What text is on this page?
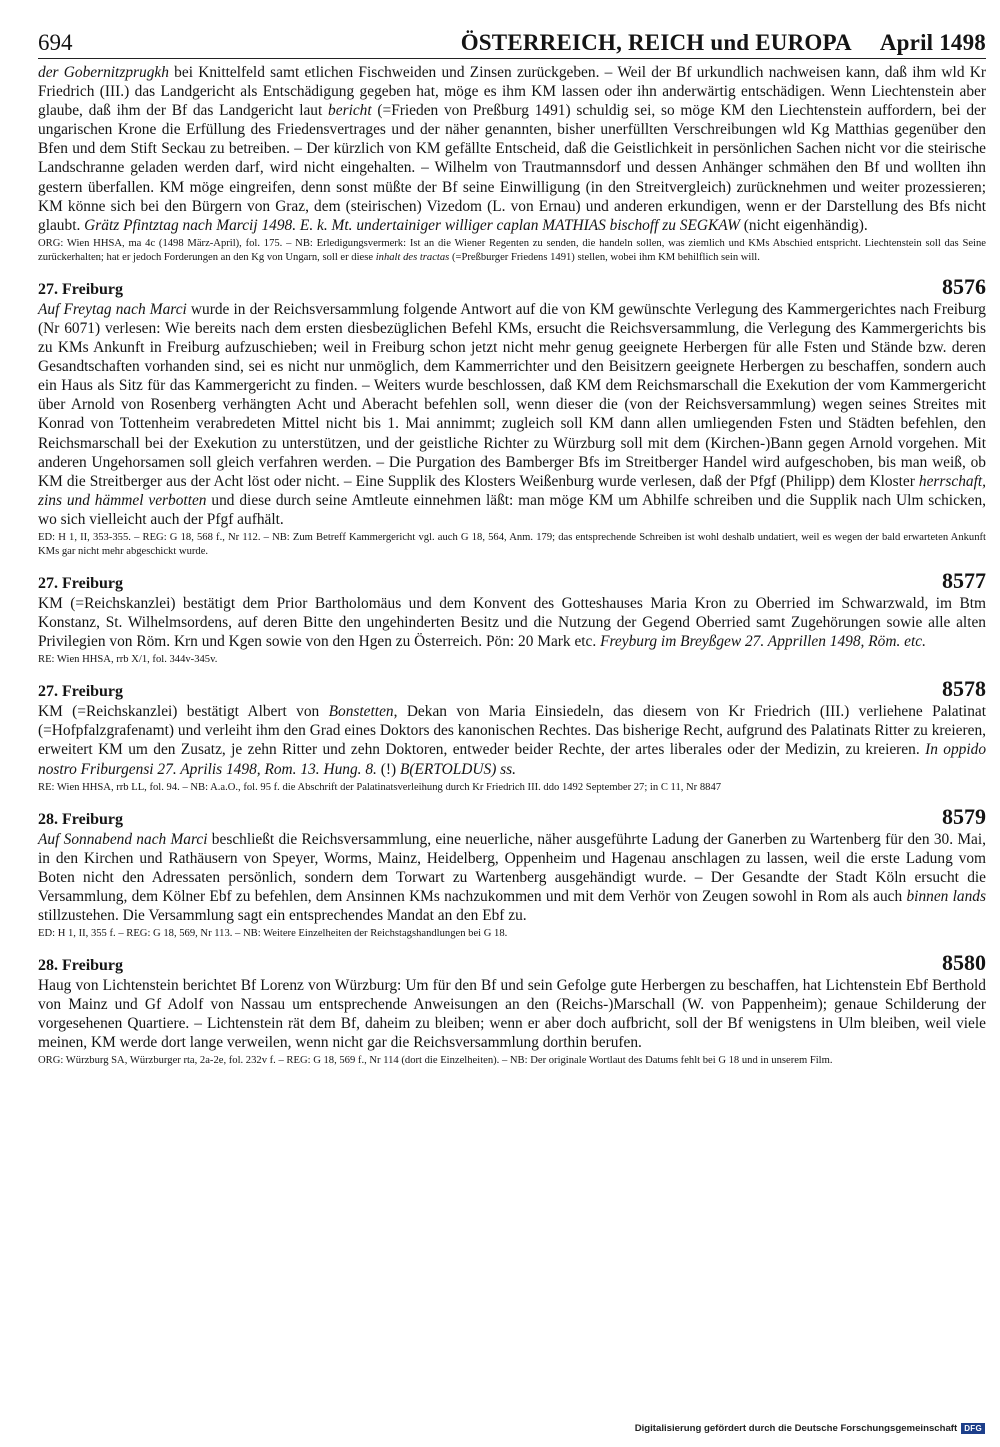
694	ÖSTERREICH, REICH und EUROPA April 1498

der Gobernitzprugkh bei Knittelfeld samt etlichen Fischweiden und Zinsen zurückgeben. – Weil der Bf urkundlich nachweisen kann, daß ihm wld Kr Friedrich (III.) das Landgericht als Entschädigung gegeben hat, möge es ihm KM lassen oder ihn anderwärtig entschädigen. Wenn Liechtenstein aber glaube, daß ihm der Bf das Landgericht laut bericht (=Frieden von Preßburg 1491) schuldig sei, so möge KM den Liechtenstein auffordern, bei der ungarischen Krone die Erfüllung des Friedensvertrages und der näher genannten, bisher unerfüllten Verschreibungen wld Kg Matthias gegenüber den Bfen und dem Stift Seckau zu betreiben. – Der kürzlich von KM gefällte Entscheid, daß die Geistlichkeit in persönlichen Sachen nicht vor die steirische Landschranne geladen werden darf, wird nicht eingehalten. – Wilhelm von Trautmannsdorf und dessen Anhänger schmähen den Bf und wollten ihn gestern überfallen. KM möge eingreifen, denn sonst müßte der Bf seine Einwilligung (in den Streitvergleich) zurücknehmen und weiter prozessieren; KM könne sich bei den Bürgern von Graz, dem (steirischen) Vizedom (L. von Ernau) und anderen erkundigen, wenn er der Darstellung des Bfs nicht glaubt. Grätz Pfintztag nach Marcij 1498. E. k. Mt. undertainiger williger caplan MATHIAS bischoff zu SEGKAW (nicht eigenhändig).

ORG: Wien HHSA, ma 4c (1498 März-April), fol. 175. – NB: Erledigungsvermerk: Ist an die Wiener Regenten zu senden, die handeln sollen, was ziemlich und KMs Abschied entspricht. Liechtenstein soll das Seine zurückerhalten; hat er jedoch Forderungen an den Kg von Ungarn, soll er diese inhalt des tractas (=Preßburger Friedens 1491) stellen, wobei ihm KM behilflich sein will.

27. Freiburg	8576

Auf Freytag nach Marci wurde in der Reichsversammlung folgende Antwort auf die von KM gewünschte Verlegung des Kammergerichtes nach Freiburg (Nr 6071) verlesen: Wie bereits nach dem ersten diesbezüglichen Befehl KMs, ersucht die Reichsversammlung, die Verlegung des Kammergerichts bis zu KMs Ankunft in Freiburg aufzuschieben; weil in Freiburg schon jetzt nicht mehr genug geeignete Herbergen für alle Fsten und Stände bzw. deren Gesandtschaften vorhanden sind, sei es nicht nur unmöglich, dem Kammerrichter und den Beisitzern geeignete Herbergen zu beschaffen, sondern auch ein Haus als Sitz für das Kammergericht zu finden. – Weiters wurde beschlossen, daß KM dem Reichsmarschall die Exekution der vom Kammergericht über Arnold von Rosenberg verhängten Acht und Aberacht befehlen soll, wenn dieser die (von der Reichsversammlung) wegen seines Streites mit Konrad von Tottenheim verabredeten Mittel nicht bis 1. Mai annimmt; zugleich soll KM dann allen umliegenden Fsten und Städten befehlen, den Reichsmarschall bei der Exekution zu unterstützen, und der geistliche Richter zu Würzburg soll mit dem (Kirchen-)Bann gegen Arnold vorgehen. Mit anderen Ungehorsamen soll gleich verfahren werden. – Die Purgation des Bamberger Bfs im Streitberger Handel wird aufgeschoben, bis man weiß, ob KM die Streitberger aus der Acht löst oder nicht. – Eine Supplik des Klosters Weißenburg wurde verlesen, daß der Pfgf (Philipp) dem Kloster herrschaft, zins und hämmel verbotten und diese durch seine Amtleute einnehmen läßt: man möge KM um Abhilfe schreiben und die Supplik nach Ulm schicken, wo sich vielleicht auch der Pfgf aufhält.

ED: H 1, II, 353-355. – REG: G 18, 568 f., Nr 112. – NB: Zum Betreff Kammergericht vgl. auch G 18, 564, Anm. 179; das entsprechende Schreiben ist wohl deshalb undatiert, weil es wegen der bald erwarteten Ankunft KMs gar nicht mehr abgeschickt wurde.

27. Freiburg	8577

KM (=Reichskanzlei) bestätigt dem Prior Bartholomäus und dem Konvent des Gotteshauses Maria Kron zu Oberried im Schwarzwald, im Btm Konstanz, St. Wilhelmsordens, auf deren Bitte den ungehinderten Besitz und die Nutzung der Gegend Oberried samt Zugehörungen sowie alle alten Privilegien von Röm. Krn und Kgen sowie von den Hgen zu Österreich. Pön: 20 Mark etc. Freyburg im Breyßgew 27. Apprillen 1498, Röm. etc.

RE: Wien HHSA, rrb X/1, fol. 344v-345v.

27. Freiburg	8578

KM (=Reichskanzlei) bestätigt Albert von Bonstetten, Dekan von Maria Einsiedeln, das diesem von Kr Friedrich (III.) verliehene Palatinat (=Hofpfalzgrafenamt) und verleiht ihm den Grad eines Doktors des kanonischen Rechtes. Das bisherige Recht, aufgrund des Palatinats Ritter zu kreieren, erweitert KM um den Zusatz, je zehn Ritter und zehn Doktoren, entweder beider Rechte, der artes liberales oder der Medizin, zu kreieren. In oppido nostro Friburgensi 27. Aprilis 1498, Rom. 13. Hung. 8. (!) B(ERTOLDUS) ss.

RE: Wien HHSA, rrb LL, fol. 94. – NB: A.a.O., fol. 95 f. die Abschrift der Palatinatsverleihung durch Kr Friedrich III. ddo 1492 September 27; in C 11, Nr 8847

28. Freiburg	8579

Auf Sonnabend nach Marci beschließt die Reichsversammlung, eine neuerliche, näher ausgeführte Ladung der Ganerben zu Wartenberg für den 30. Mai, in den Kirchen und Rathäusern von Speyer, Worms, Mainz, Heidelberg, Oppenheim und Hagenau anschlagen zu lassen, weil die erste Ladung vom Boten nicht den Adressaten persönlich, sondern dem Torwart zu Wartenberg ausgehändigt wurde. – Der Gesandte der Stadt Köln ersucht die Versammlung, dem Kölner Ebf zu befehlen, dem Ansinnen KMs nachzukommen und mit dem Verhör von Zeugen sowohl in Rom als auch binnen lands stillzustehen. Die Versammlung sagt ein entsprechendes Mandat an den Ebf zu.

ED: H 1, II, 355 f. – REG: G 18, 569, Nr 113. – NB: Weitere Einzelheiten der Reichstagshandlungen bei G 18.

28. Freiburg	8580

Haug von Lichtenstein berichtet Bf Lorenz von Würzburg: Um für den Bf und sein Gefolge gute Herbergen zu beschaffen, hat Lichtenstein Ebf Berthold von Mainz und Gf Adolf von Nassau um entsprechende Anweisungen an den (Reichs-)Marschall (W. von Pappenheim); genaue Schilderung der vorgesehenen Quartiere. – Lichtenstein rät dem Bf, daheim zu bleiben; wenn er aber doch aufbricht, soll der Bf wenigstens in Ulm bleiben, weil viele meinen, KM werde dort lange verweilen, wenn nicht gar die Reichsversammlung dorthin berufen.

ORG: Würzburg SA, Würzburger rta, 2a-2e, fol. 232v f. – REG: G 18, 569 f., Nr 114 (dort die Einzelheiten). – NB: Der originale Wortlaut des Datums fehlt bei G 18 und in unserem Film.

Digitalisierung gefördert durch die Deutsche Forschungsgemeinschaft DFG
